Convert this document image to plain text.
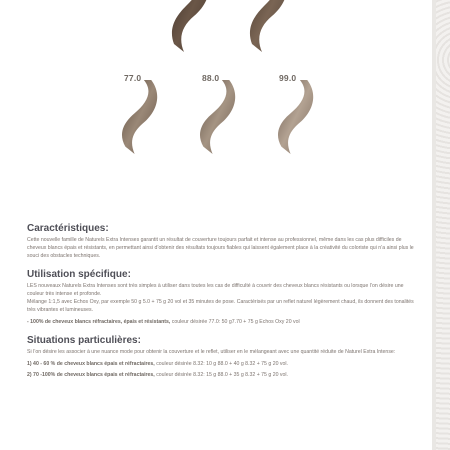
77.0	88.0	99.0
Caractéristiques:

Cette nouvelle famille de Naturels Extra Intenses garantit un résultat de couverture toujours parfait et intense au professionnel, même dans les cas plus difficiles de cheveux blancs épais et résistants, en permettant ainsi d’obtenir des résultats toujours fiables qui laissent également place à la créativité du coloriste qui n’a ainsi plus le souci des obstacles techniques.

Utilisation spécifique:

LES nouveaux Naturels Extra Intenses sont très simples à utiliser dans toutes les cas de difficulté à couvrir des cheveux blancs résistants ou lorsque l’on désire une couleur très intense et profonde.

Mélange 1:1,5 avec Echos Oxy, par exemple 50 g 5.0 + 75 g 20 vol et 35 minutes de pose. Caractérisés par un reflet naturel légèrement chaud, ils donnent des tonalités très vibrantes et lumineuses.

- 100% de cheveux blancs réfractaires, épais et résistants, couleur désirée 77.0: 50 g7.70 + 75 g Echos Oxy 20 vol
Situations particulières:

Si l’on désire les associer à une nuance mode pour obtenir la couverture et le reflet, utiliser en le mélangeant avec une quantité réduite de Naturel Extra Intense:

1) 40 - 60 % de cheveux blancs épais et réfractaires, couleur désirée 8.32: 10 g 88.0 + 40 g 8.32 + 75 g 20 vol.
2) 70 -100% de cheveux blancs épais et réfractaires, couleur désirée 8.32: 15 g 88.0 + 35 g 8.32 + 75 g 20 vol.
